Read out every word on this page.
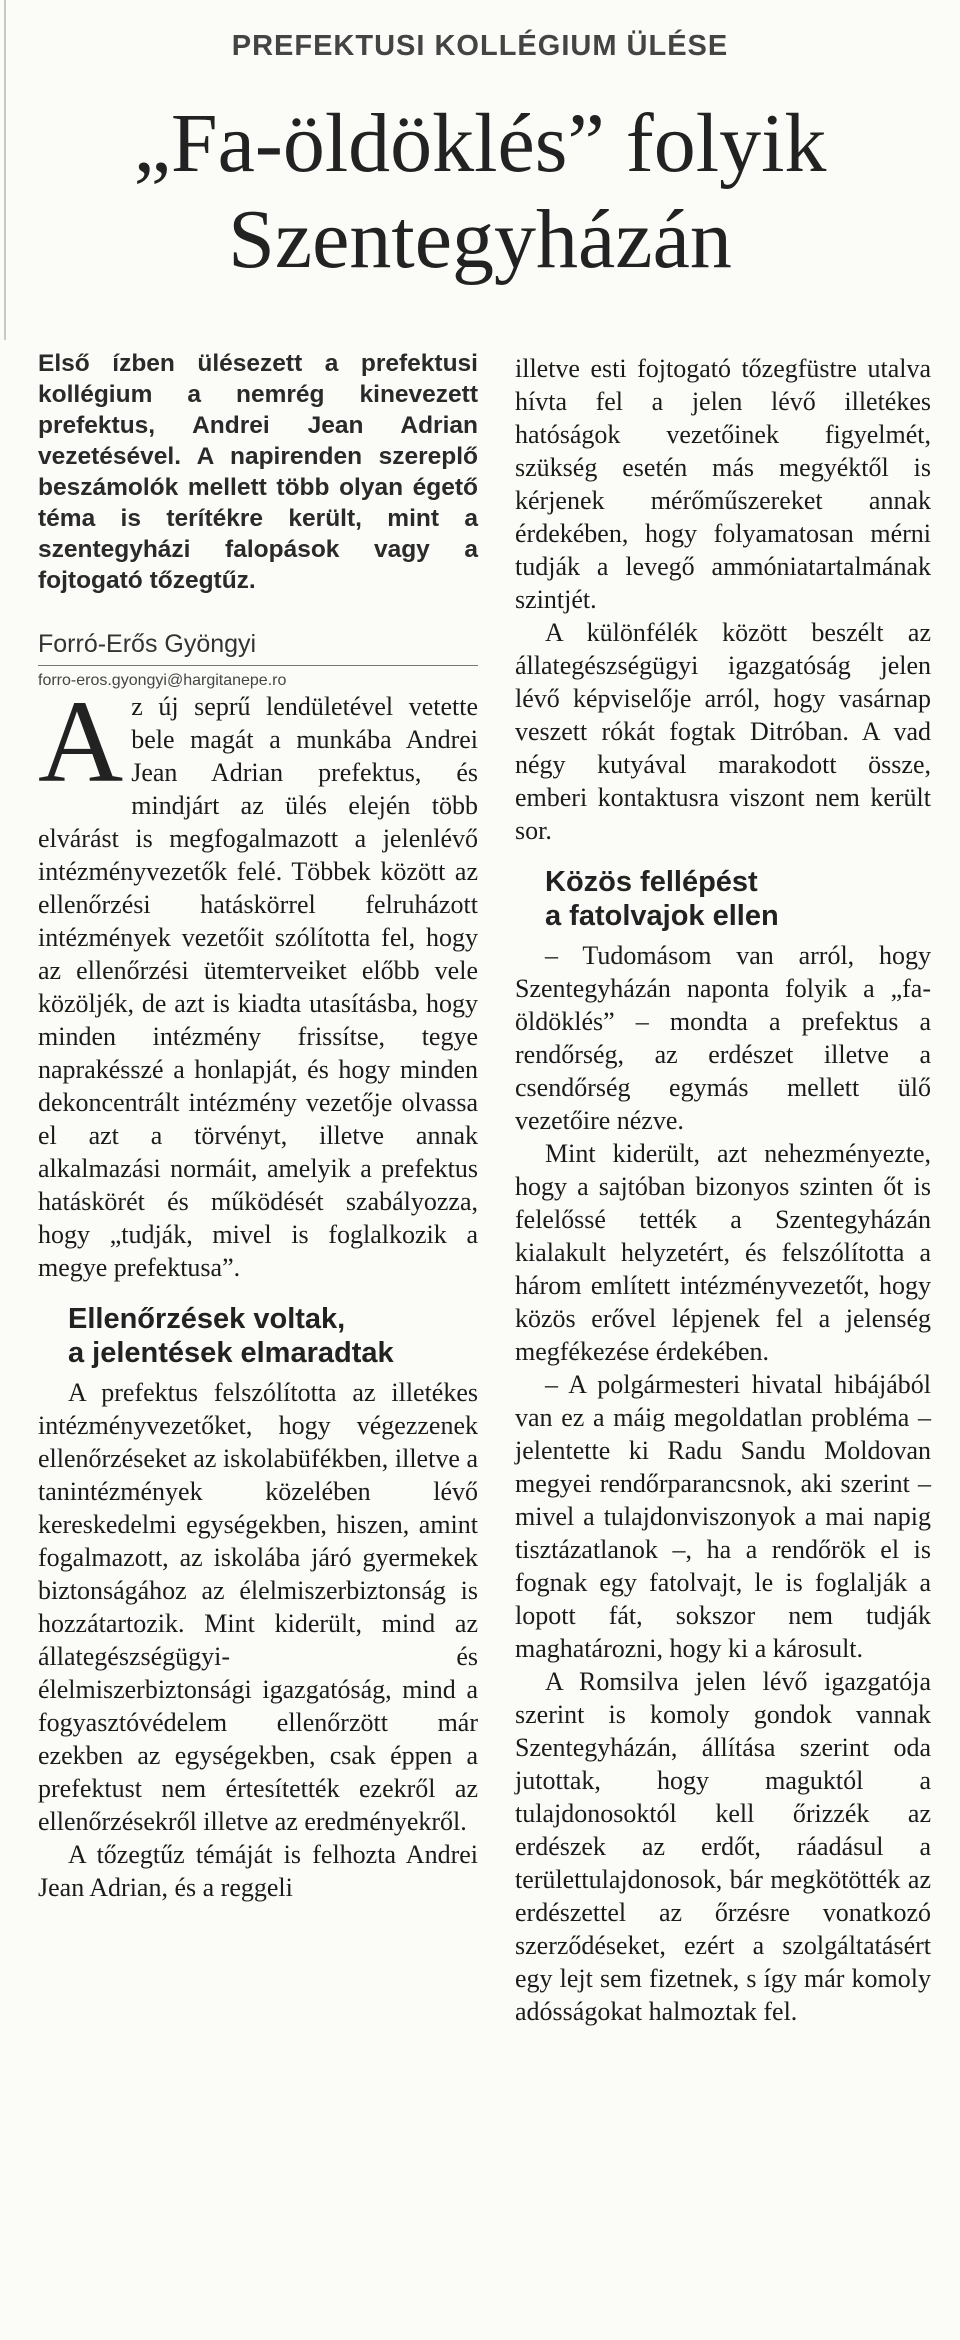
PREFEKTUSI KOLLÉGIUM ÜLÉSE
„Fa-öldöklés” folyik
Szentegyházán

Első ízben ülésezett a prefektusi kollégium a nemrég kinevezett prefektus, Andrei Jean Adrian vezetésével. A napirenden szereplő beszámolók mellett több olyan égető téma is terítékre került, mint a szentegyházi falopások vagy a fojtogató tőzegtűz.

Forró-Erős Gyöngyi
forro-eros.gyongyi@hargitanepe.ro

Az új seprű lendületével vetette bele magát a munkába Andrei Jean Adrian prefektus, és mindjárt az ülés elején több elvárást is megfogalmazott a jelenlévő intézményvezetők felé. Többek között az ellenőrzési hatáskörrel felruházott intézmények vezetőit szólította fel, hogy az ellenőrzési ütemterveiket előbb vele közöljék, de azt is kiadta utasításba, hogy minden intézmény frissítse, tegye naprakésszé a honlapját, és hogy minden dekoncentrált intézmény vezetője olvassa el azt a törvényt, illetve annak alkalmazási normáit, amelyik a prefektus hatáskörét és működését szabályozza, hogy „tudják, mivel is foglalkozik a megye prefektusa”.

Ellenőrzések voltak,
a jelentések elmaradtak

A prefektus felszólította az illetékes intézményvezetőket, hogy végezzenek ellenőrzéseket az iskolabüfékben, illetve a tanintézmények közelében lévő kereskedelmi egységekben, hiszen, amint fogalmazott, az iskolába járó gyermekek biztonságához az élelmiszerbiztonság is hozzátartozik. Mint kiderült, mind az állategészségügyi- és élelmiszerbiztonsági igazgatóság, mind a fogyasztóvédelem ellenőrzött már ezekben az egységekben, csak éppen a prefektust nem értesítették ezekről az ellenőrzésekről illetve az eredményekről.

A tőzegtűz témáját is felhozta Andrei Jean Adrian, és a reggeli

illetve esti fojtogató tőzegfüstre utalva hívta fel a jelen lévő illetékes hatóságok vezetőinek figyelmét, szükség esetén más megyéktől is kérjenek mérőműszereket annak érdekében, hogy folyamatosan mérni tudják a levegő ammóniatartalmának szintjét.

A különfélék között beszélt az állategészségügyi igazgatóság jelen lévő képviselője arról, hogy vasárnap veszett rókát fogtak Ditróban. A vad négy kutyával marakodott össze, emberi kontaktusra viszont nem került sor.

Közös fellépést
a fatolvajok ellen

– Tudomásom van arról, hogy Szentegyházán naponta folyik a „fa-öldöklés” – mondta a prefektus a rendőrség, az erdészet illetve a csendőrség egymás mellett ülő vezetőire nézve.

Mint kiderült, azt nehezményezte, hogy a sajtóban bizonyos szinten őt is felelőssé tették a Szentegyházán kialakult helyzetért, és felszólította a három említett intézményvezetőt, hogy közös erővel lépjenek fel a jelenség megfékezése érdekében.

– A polgármesteri hivatal hibájából van ez a máig megoldatlan probléma – jelentette ki Radu Sandu Moldovan megyei rendőrparancsnok, aki szerint – mivel a tulajdonviszonyok a mai napig tisztázatlanok –, ha a rendőrök el is fognak egy fatolvajt, le is foglalják a lopott fát, sokszor nem tudják maghatározni, hogy ki a károsult.

A Romsilva jelen lévő igazgatója szerint is komoly gondok vannak Szentegyházán, állítása szerint oda jutottak, hogy maguktól a tulajdonosoktól kell őrizzék az erdészek az erdőt, ráadásul a területtulajdonosok, bár megkötötték az erdészettel az őrzésre vonatkozó szerződéseket, ezért a szolgáltatásért egy lejt sem fizetnek, s így már komoly adósságokat halmoztak fel.
